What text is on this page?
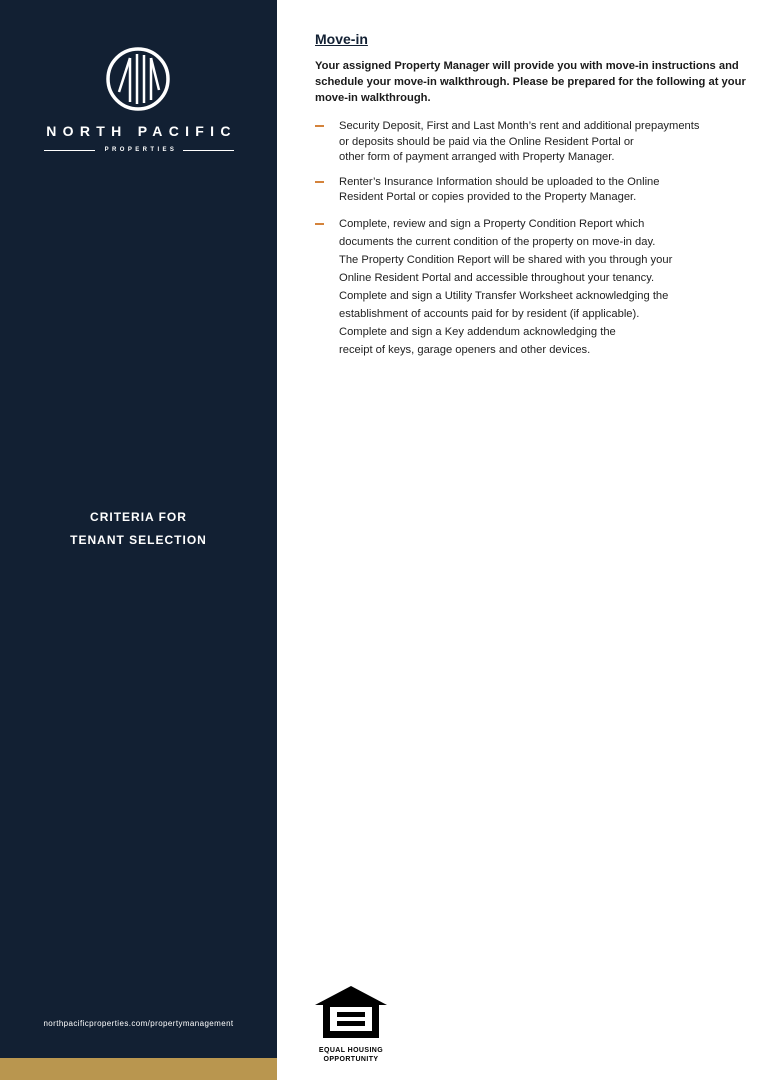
NORTH PACIFIC
PROPERTIES
CRITERIA FOR
TENANT SELECTION
northpacificproperties.com/propertymanagement
Move-in

Your assigned Property Manager will provide you with move-in instructions and schedule your move-in walkthrough. Please be prepared for the following at your move-in walkthrough.

Security Deposit, First and Last Month’s rent and additional prepayments
or deposits should be paid via the Online Resident Portal or
other form of payment arranged with Property Manager.
Renter’s Insurance Information should be uploaded to the Online
Resident Portal or copies provided to the Property Manager.
Complete, review and sign a Property Condition Report which
documents the current condition of the property on move-in day.
The Property Condition Report will be shared with you through your
Online Resident Portal and accessible throughout your tenancy.
Complete and sign a Utility Transfer Worksheet acknowledging the
establishment of accounts paid for by resident (if applicable).
Complete and sign a Key addendum acknowledging the
receipt of keys, garage openers and other devices.
EQUAL HOUSING
OPPORTUNITY
